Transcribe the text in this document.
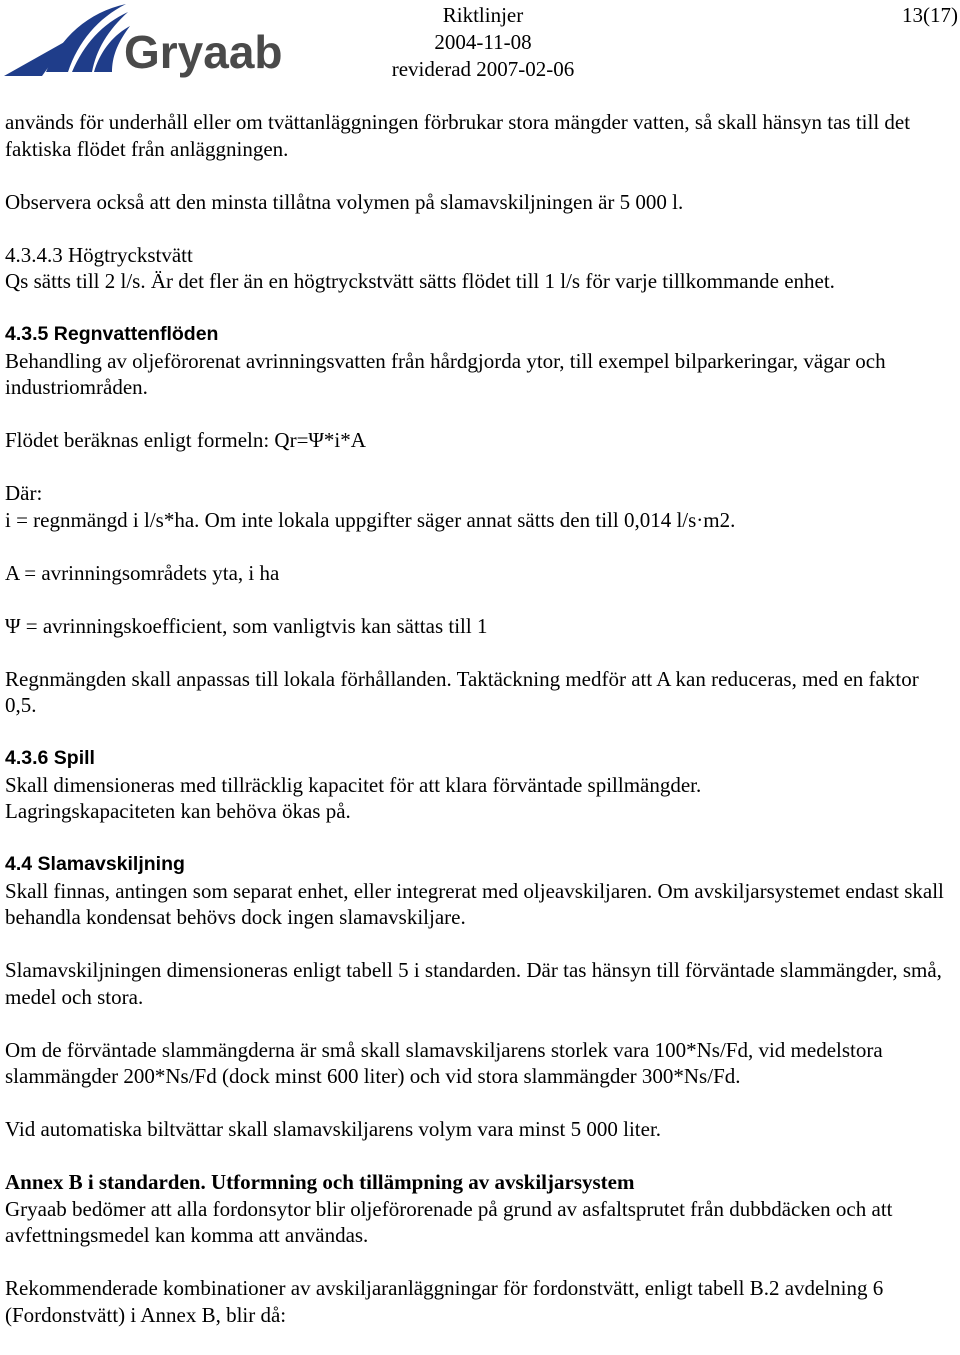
Gryaab
Riktlinjer
2004-11-08
reviderad 2007-02-06
13(17)

används för underhåll eller om tvättanläggningen förbrukar stora mängder vatten, så skall hänsyn tas till det faktiska flödet från anläggningen.

Observera också att den minsta tillåtna volymen på slamavskiljningen är 5 000 l.

4.3.4.3 Högtryckstvätt
Qs sätts till 2 l/s. Är det fler än en högtryckstvätt sätts flödet till 1 l/s för varje tillkommande enhet.

4.3.5 Regnvattenflöden
Behandling av oljeförorenat avrinningsvatten från hårdgjorda ytor, till exempel bilparkeringar, vägar och industriområden.

Flödet beräknas enligt formeln: Qr=Ψ*i*A

Där:
i = regnmängd i l/s*ha. Om inte lokala uppgifter säger annat sätts den till 0,014 l/s·m2.

A = avrinningsområdets yta, i ha

Ψ = avrinningskoefficient, som vanligtvis kan sättas till 1

Regnmängden skall anpassas till lokala förhållanden. Taktäckning medför att A kan reduceras, med en faktor 0,5.

4.3.6 Spill
Skall dimensioneras med tillräcklig kapacitet för att klara förväntade spillmängder.
Lagringskapaciteten kan behöva ökas på.

4.4 Slamavskiljning
Skall finnas, antingen som separat enhet, eller integrerat med oljeavskiljaren. Om avskiljarsystemet endast skall behandla kondensat behövs dock ingen slamavskiljare.

Slamavskiljningen dimensioneras enligt tabell 5 i standarden. Där tas hänsyn till förväntade slammängder, små, medel och stora.

Om de förväntade slammängderna är små skall slamavskiljarens storlek vara 100*Ns/Fd, vid medelstora slammängder 200*Ns/Fd (dock minst 600 liter) och vid stora slammängder 300*Ns/Fd.

Vid automatiska biltvättar skall slamavskiljarens volym vara minst 5 000 liter.

Annex B i standarden. Utformning och tillämpning av avskiljarsystem
Gryaab bedömer att alla fordonsytor blir oljeförorenade på grund av asfaltsprutet från dubbdäcken och att avfettningsmedel kan komma att användas.

Rekommenderade kombinationer av avskiljaranläggningar för fordonstvätt, enligt tabell B.2 avdelning 6 (Fordonstvätt) i Annex B, blir då:
